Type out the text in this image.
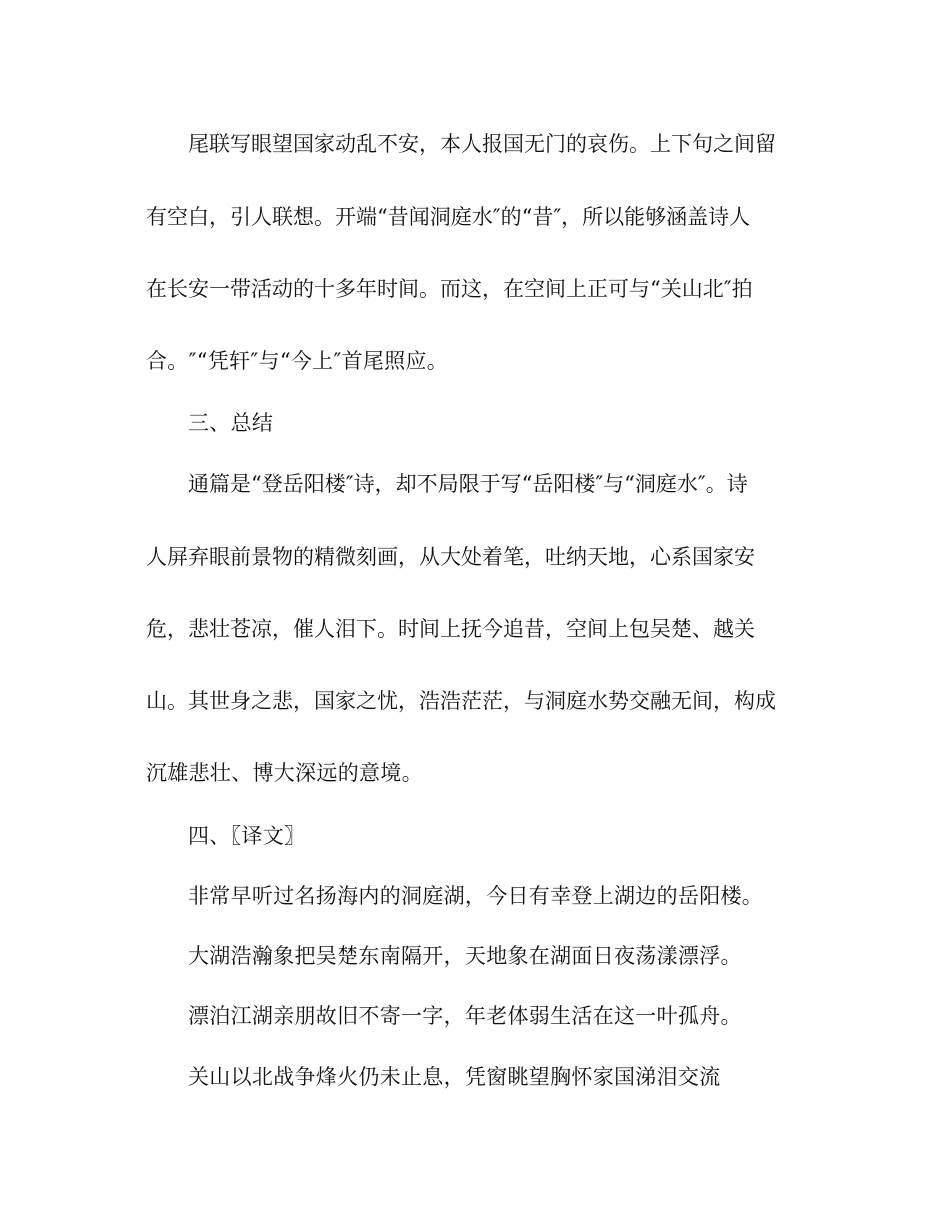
尾联写眼望国家动乱不安，本人报国无门的哀伤。上下句之间留
有空白，引人联想。开端“昔闻洞庭水″的“昔″，所以能够涵盖诗人
在长安一带活动的十多年时间。而这，在空间上正可与“关山北″拍
合。″“凭轩″与“今上″首尾照应。
三、总结
通篇是“登岳阳楼″诗，却不局限于写“岳阳楼″与“洞庭水″。诗
人屏弃眼前景物的精微刻画，从大处着笔，吐纳天地，心系国家安
危，悲壮苍凉，催人泪下。时间上抚今追昔，空间上包吴楚、越关
山。其世身之悲，国家之忧，浩浩茫茫，与洞庭水势交融无间，构成
沉雄悲壮、博大深远的意境。
四、〖译文〗
非常早听过名扬海内的洞庭湖，今日有幸登上湖边的岳阳楼。
大湖浩瀚象把吴楚东南隔开，天地象在湖面日夜荡漾漂浮。
漂泊江湖亲朋故旧不寄一字，年老体弱生活在这一叶孤舟。
关山以北战争烽火仍未止息，凭窗眺望胸怀家国涕泪交流
